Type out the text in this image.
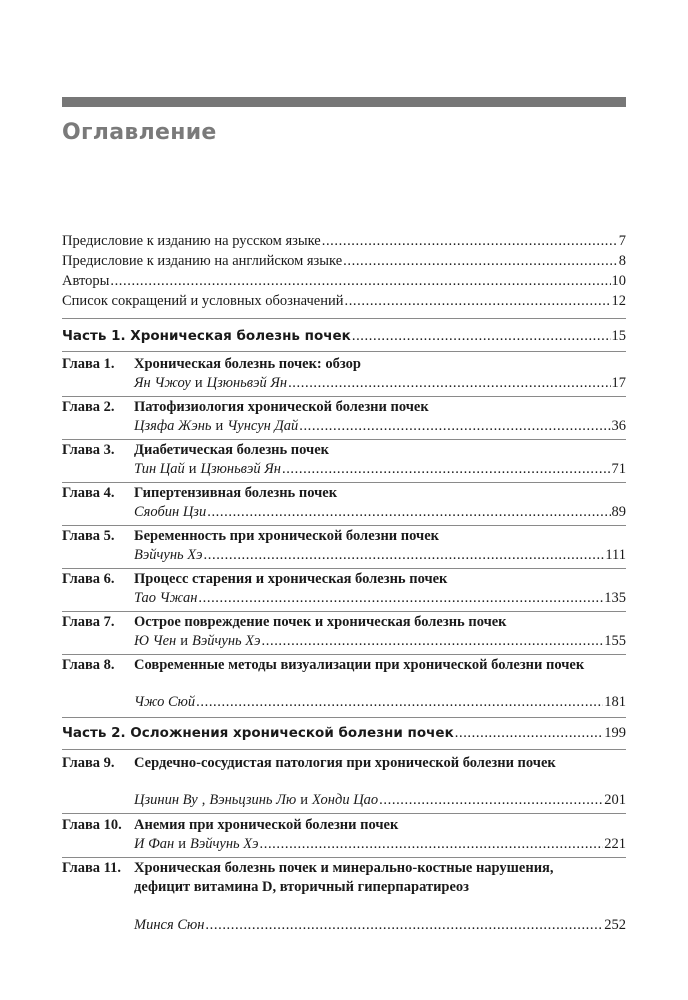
Оглавление
Предисловие к изданию на русском языке .....	7
Предисловие к изданию на английском языке .....	8
Авторы .....	10
Список сокращений и условных обозначений .....	12
Часть 1. Хроническая болезнь почек .....	15
Глава 1. Хроническая болезнь почек: обзор
Ян Чжоу и Цзюньвэй Ян .....	17
Глава 2. Патофизиология хронической болезни почек
Цзяфа Жэнь и Чунсун Дай .....	36
Глава 3. Диабетическая болезнь почек
Тин Цай и Цзюньвэй Ян .....	71
Глава 4. Гипертензивная болезнь почек
Сяобин Цзи .....	89
Глава 5. Беременность при хронической болезни почек
Вэйчунь Хэ .....	111
Глава 6. Процесс старения и хроническая болезнь почек
Тао Чжан .....	135
Глава 7. Острое повреждение почек и хроническая болезнь почек
Ю Чен и Вэйчунь Хэ .....	155
Глава 8. Современные методы визуализации при хронической болезни почек
Чжо Сюй .....	181
Часть 2. Осложнения хронической болезни почек .....	199
Глава 9. Сердечно-сосудистая патология при хронической болезни почек
Цзинин Ву , Вэньцзинь Лю и Хонди Цао .....	201
Глава 10. Анемия при хронической болезни почек
И Фан и Вэйчунь Хэ .....	221
Глава 11. Хроническая болезнь почек и минерально-костные нарушения, дефицит витамина D, вторичный гиперпаратиреоз
Минся Сюн .....	252
